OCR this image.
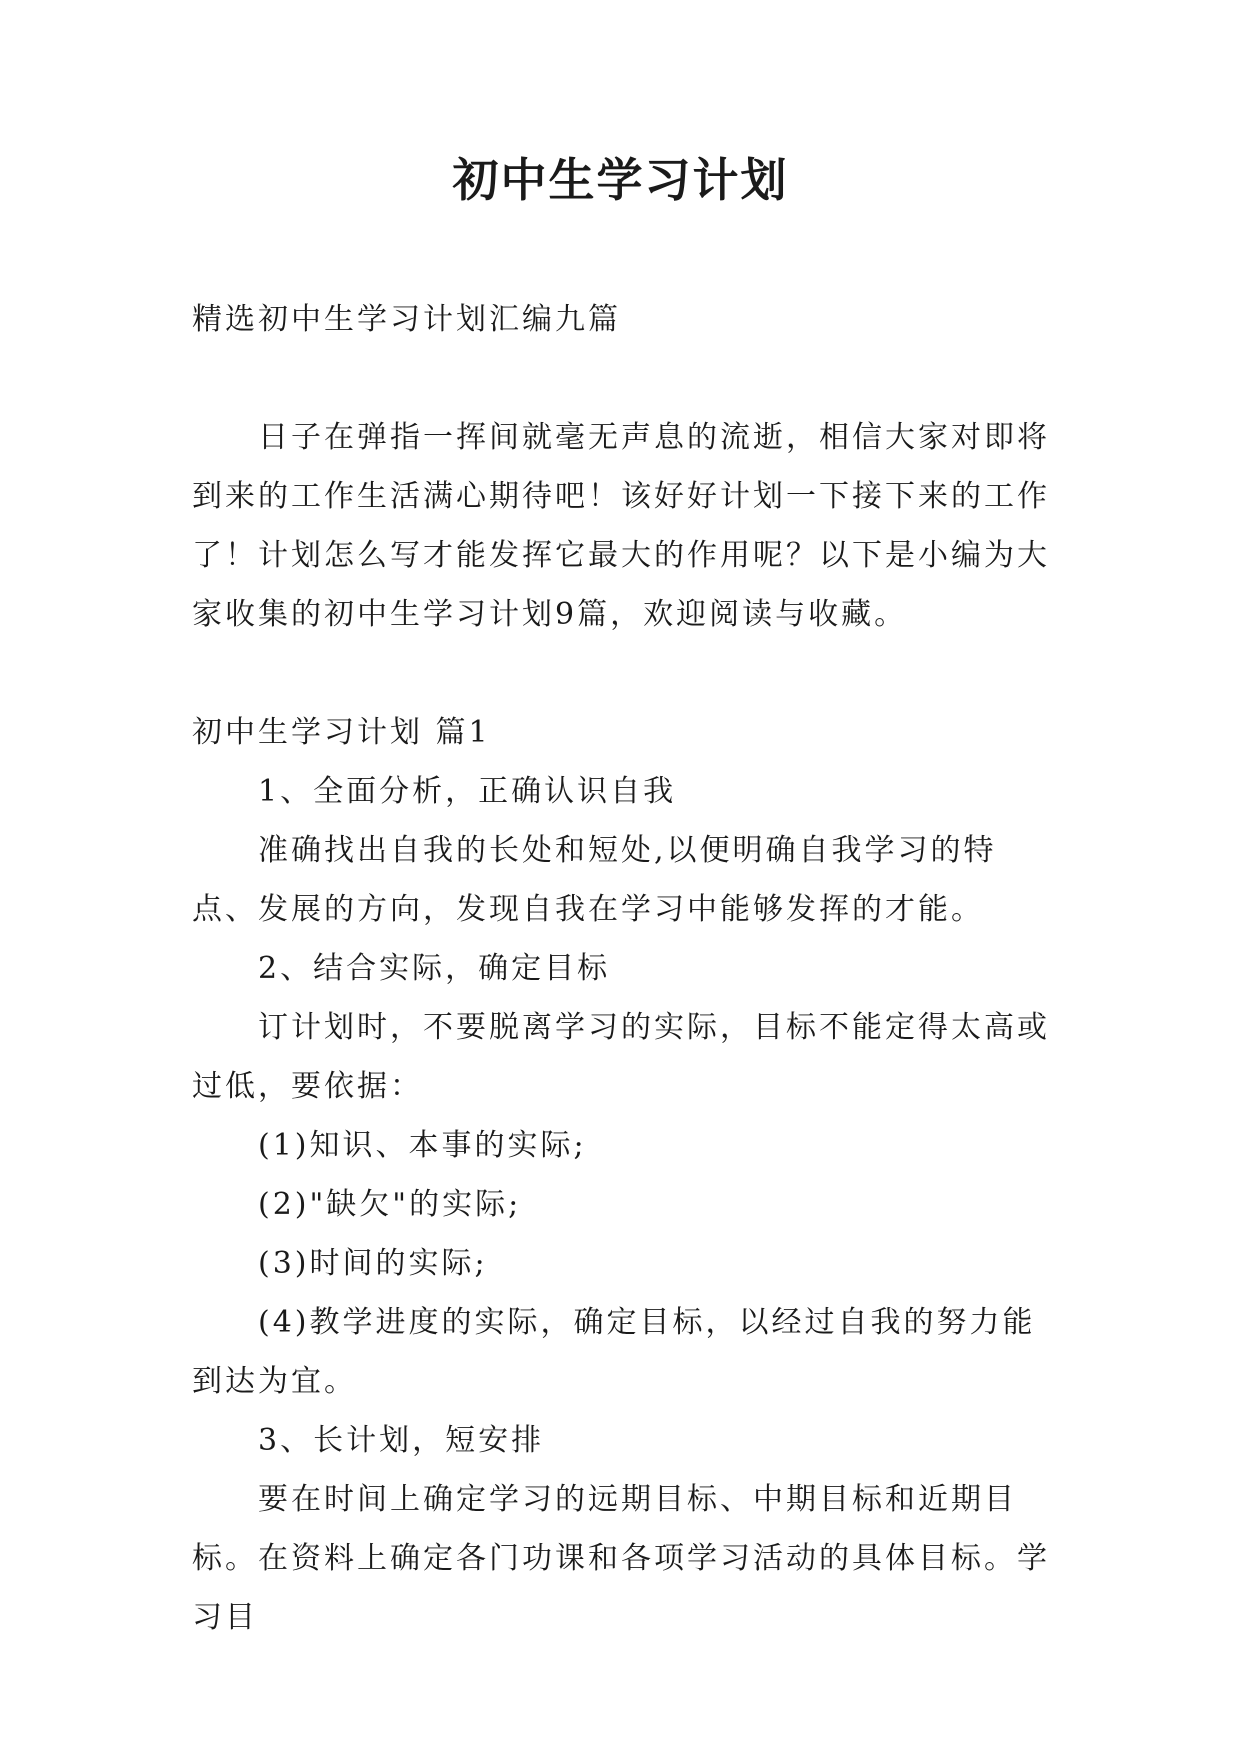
初中生学习计划

精选初中生学习计划汇编九篇

日子在弹指一挥间就毫无声息的流逝，相信大家对即将到来的工作生活满心期待吧！该好好计划一下接下来的工作了！计划怎么写才能发挥它最大的作用呢？以下是小编为大家收集的初中生学习计划9篇，欢迎阅读与收藏。

初中生学习计划 篇1

1、全面分析，正确认识自我

准确找出自我的长处和短处,以便明确自我学习的特点、发展的方向，发现自我在学习中能够发挥的才能。

2、结合实际，确定目标

订计划时，不要脱离学习的实际，目标不能定得太高或过低，要依据：

(1)知识、本事的实际;

(2)"缺欠"的实际;

(3)时间的实际;

(4)教学进度的实际，确定目标，以经过自我的努力能到达为宜。

3、长计划，短安排

要在时间上确定学习的远期目标、中期目标和近期目标。在资料上确定各门功课和各项学习活动的具体目标。学习目
